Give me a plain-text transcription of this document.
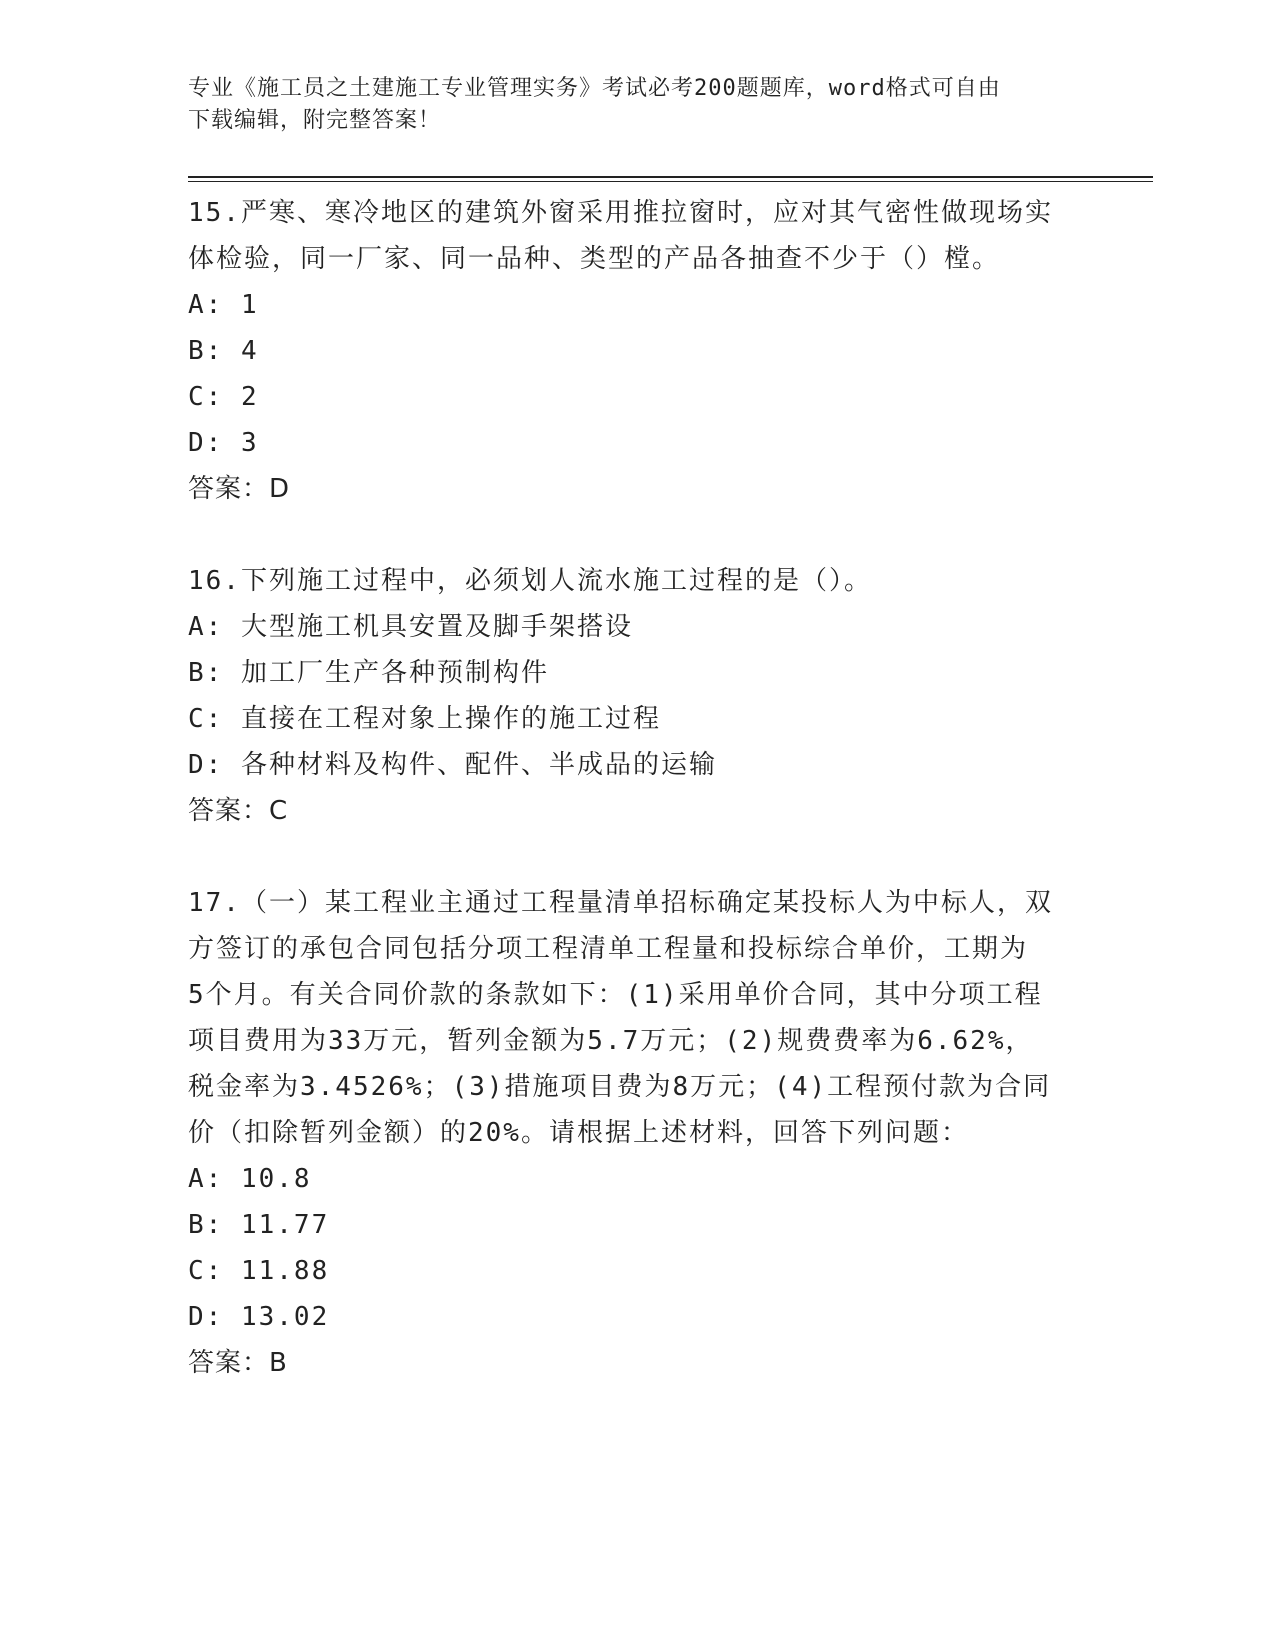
专业《施工员之土建施工专业管理实务》考试必考200题题库，word格式可自由
下载编辑，附完整答案！

15.严寒、寒冷地区的建筑外窗采用推拉窗时，应对其气密性做现场实

体检验，同一厂家、同一品种、类型的产品各抽查不少于（）樘。

A: 1

B: 4

C: 2

D: 3

答案：D

16.下列施工过程中，必须划人流水施工过程的是（）。

A: 大型施工机具安置及脚手架搭设

B: 加工厂生产各种预制构件

C: 直接在工程对象上操作的施工过程

D: 各种材料及构件、配件、半成品的运输

答案：C

17.（一）某工程业主通过工程量清单招标确定某投标人为中标人，双

方签订的承包合同包括分项工程清单工程量和投标综合单价，工期为

5个月。有关合同价款的条款如下：(1)采用单价合同，其中分项工程

项目费用为33万元，暂列金额为5.7万元；(2)规费费率为6.62%，

税金率为3.4526%；(3)措施项目费为8万元；(4)工程预付款为合同

价（扣除暂列金额）的20%。请根据上述材料，回答下列问题：

A: 10.8

B: 11.77

C: 11.88

D: 13.02

答案：B
